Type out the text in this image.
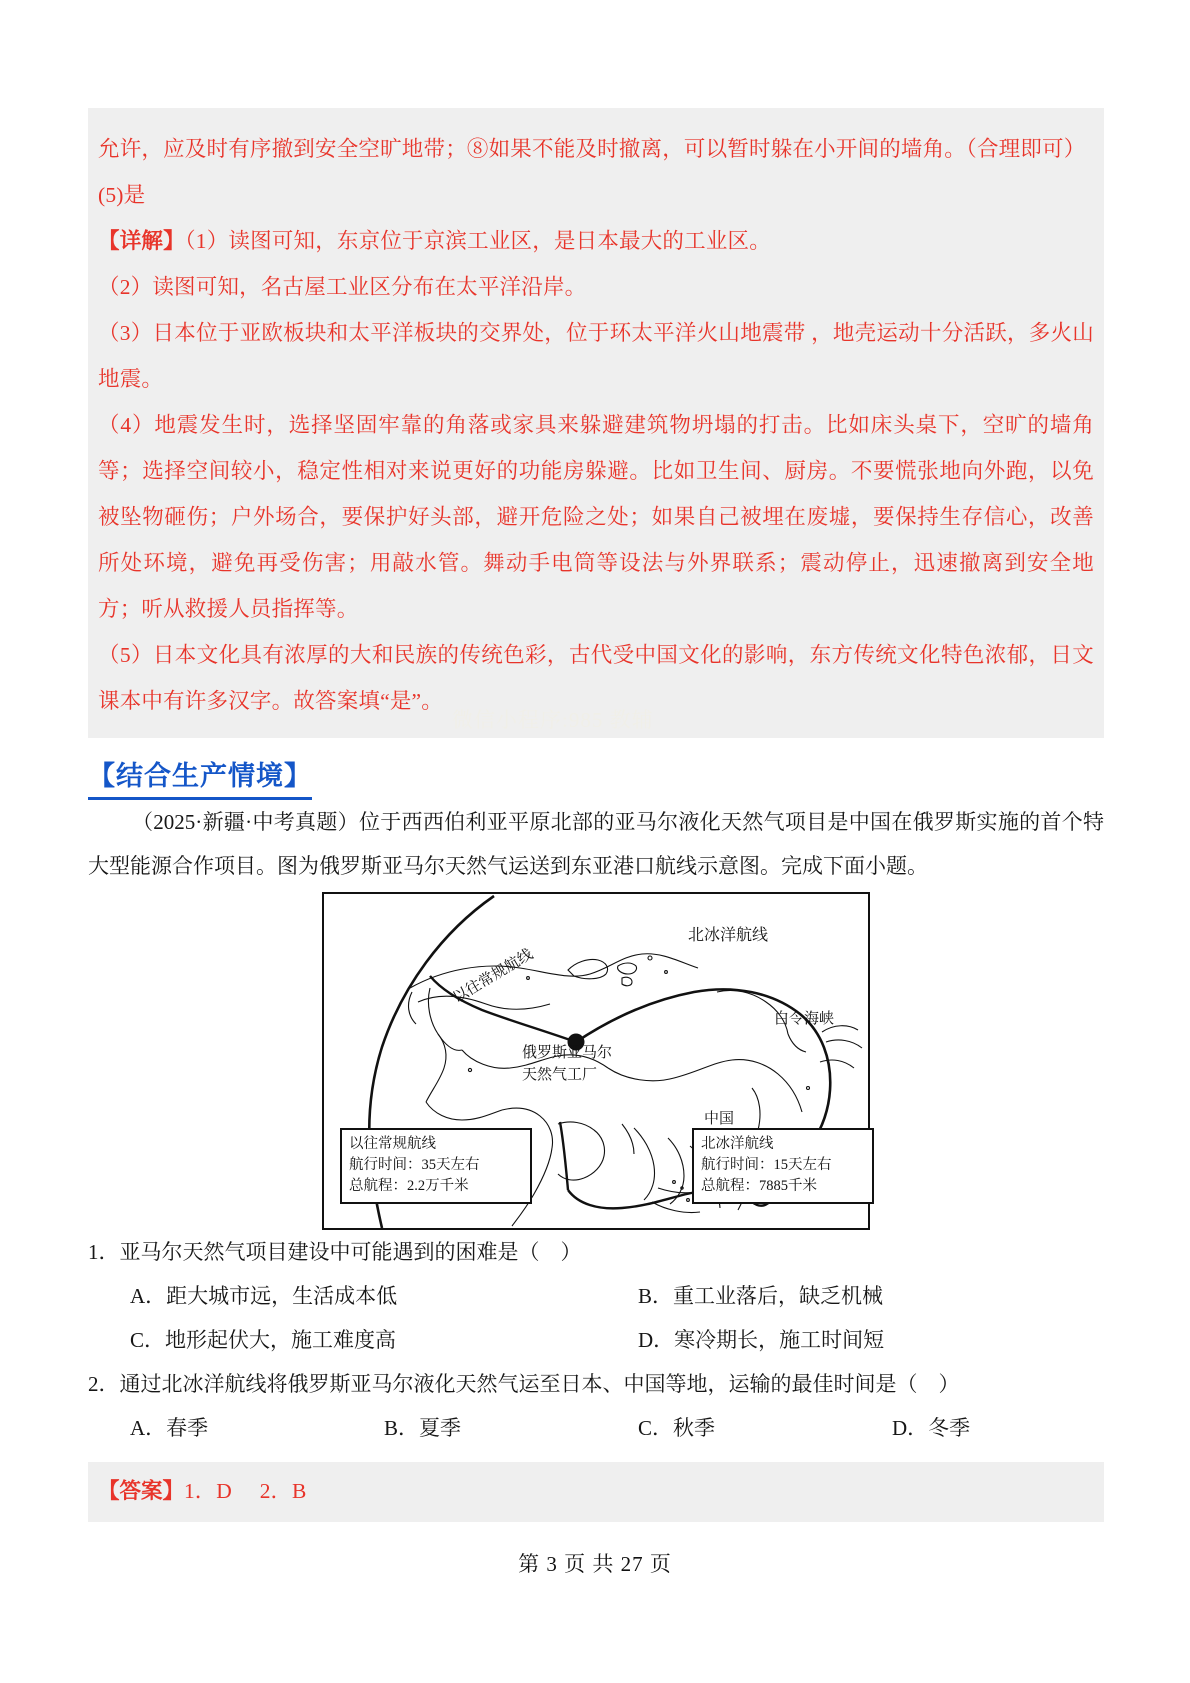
允许，应及时有序撤到安全空旷地带；⑧如果不能及时撤离，可以暂时躲在小开间的墙角。（合理即可）

(5)是

【详解】（1）读图可知，东京位于京滨工业区，是日本最大的工业区。

（2）读图可知，名古屋工业区分布在太平洋沿岸。

（3）日本位于亚欧板块和太平洋板块的交界处，位于环太平洋火山地震带 ，地壳运动十分活跃，多火山地震。

（4）地震发生时，选择坚固牢靠的角落或家具来躲避建筑物坍塌的打击。比如床头桌下，空旷的墙角等；选择空间较小，稳定性相对来说更好的功能房躲避。比如卫生间、厨房。不要慌张地向外跑，以免被坠物砸伤；户外场合，要保护好头部，避开危险之处；如果自己被埋在废墟，要保持生存信心，改善所处环境，避免再受伤害；用敲水管。舞动手电筒等设法与外界联系；震动停止，迅速撤离到安全地方；听从救援人员指挥等。

（5）日本文化具有浓厚的大和民族的传统色彩，古代受中国文化的影响，东方传统文化特色浓郁，日文课本中有许多汉字。故答案填“是”。

【结合生产情境】

（2025·新疆·中考真题）位于西西伯利亚平原北部的亚马尔液化天然气项目是中国在俄罗斯实施的首个特大型能源合作项目。图为俄罗斯亚马尔天然气运送到东亚港口航线示意图。完成下面小题。

以往常规航线
北冰洋航线
俄罗斯亚马尔
天然气工厂
白令海峡
中国
以往常规航线
航行时间：35天左右
总航程：2.2万千米
北冰洋航线
航行时间：15天左右
总航程：7885千米

1．亚马尔天然气项目建设中可能遇到的困难是（　）

A．距大城市远，生活成本低	B．重工业落后，缺乏机械
C．地形起伏大，施工难度高	D．寒冷期长，施工时间短

2．通过北冰洋航线将俄罗斯亚马尔液化天然气运至日本、中国等地，运输的最佳时间是（　）

A．春季	B．夏季	C．秋季	D．冬季
【答案】1．D 2．B
微信小程序:985 教辅
第 3 页 共 27 页
